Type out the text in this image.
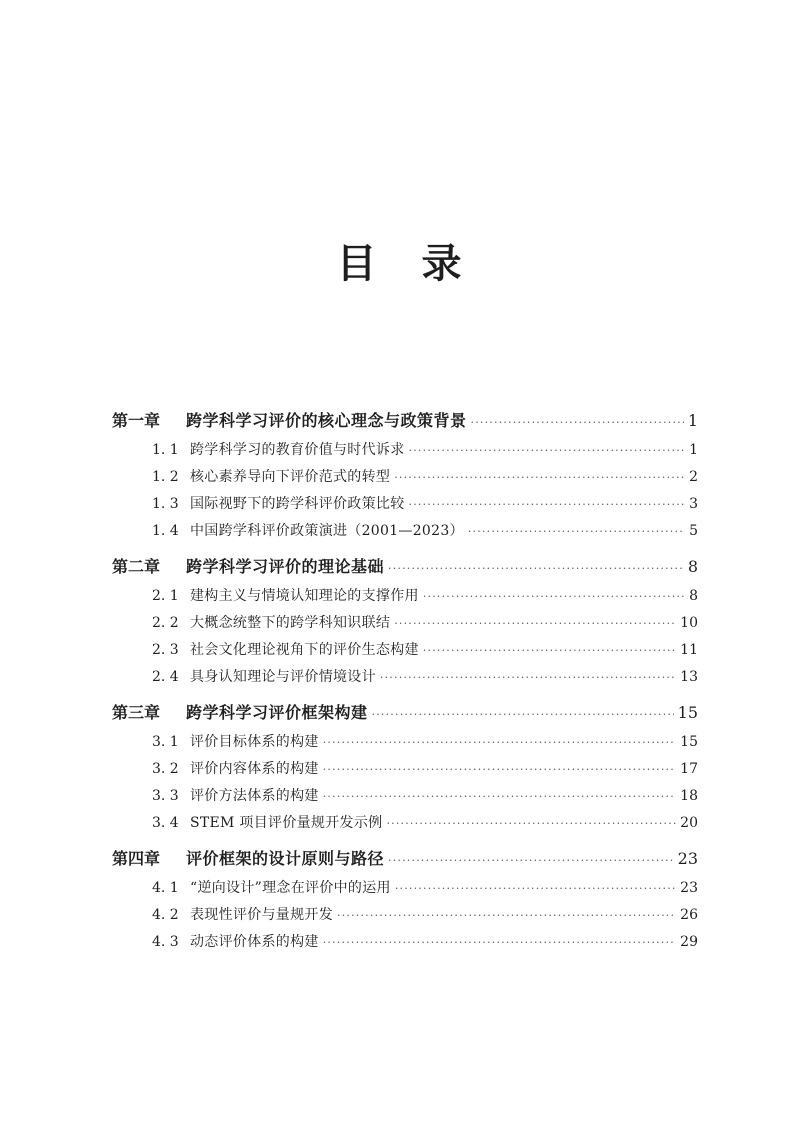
目 录
第一章	跨学科学习评价的核心理念与政策背景 ·····	1
1. 1 跨学科学习的教育价值与时代诉求 ·····	1
1. 2 核心素养导向下评价范式的转型 ·····	2
1. 3 国际视野下的跨学科评价政策比较 ·····	3
1. 4 中国跨学科评价政策演进（2001—2023） ·····	5
第二章	跨学科学习评价的理论基础 ·····	8
2. 1 建构主义与情境认知理论的支撑作用 ·····	8
2. 2 大概念统整下的跨学科知识联结 ·····	10
2. 3 社会文化理论视角下的评价生态构建 ·····	11
2. 4 具身认知理论与评价情境设计 ·····	13
第三章	跨学科学习评价框架构建 ·····	15
3. 1 评价目标体系的构建 ·····	15
3. 2 评价内容体系的构建 ·····	17
3. 3 评价方法体系的构建 ·····	18
3. 4 STEM 项目评价量规开发示例 ·····	20
第四章	评价框架的设计原则与路径 ·····	23
4. 1 “逆向设计”理念在评价中的运用 ·····	23
4. 2 表现性评价与量规开发 ·····	26
4. 3 动态评价体系的构建 ·····	29
